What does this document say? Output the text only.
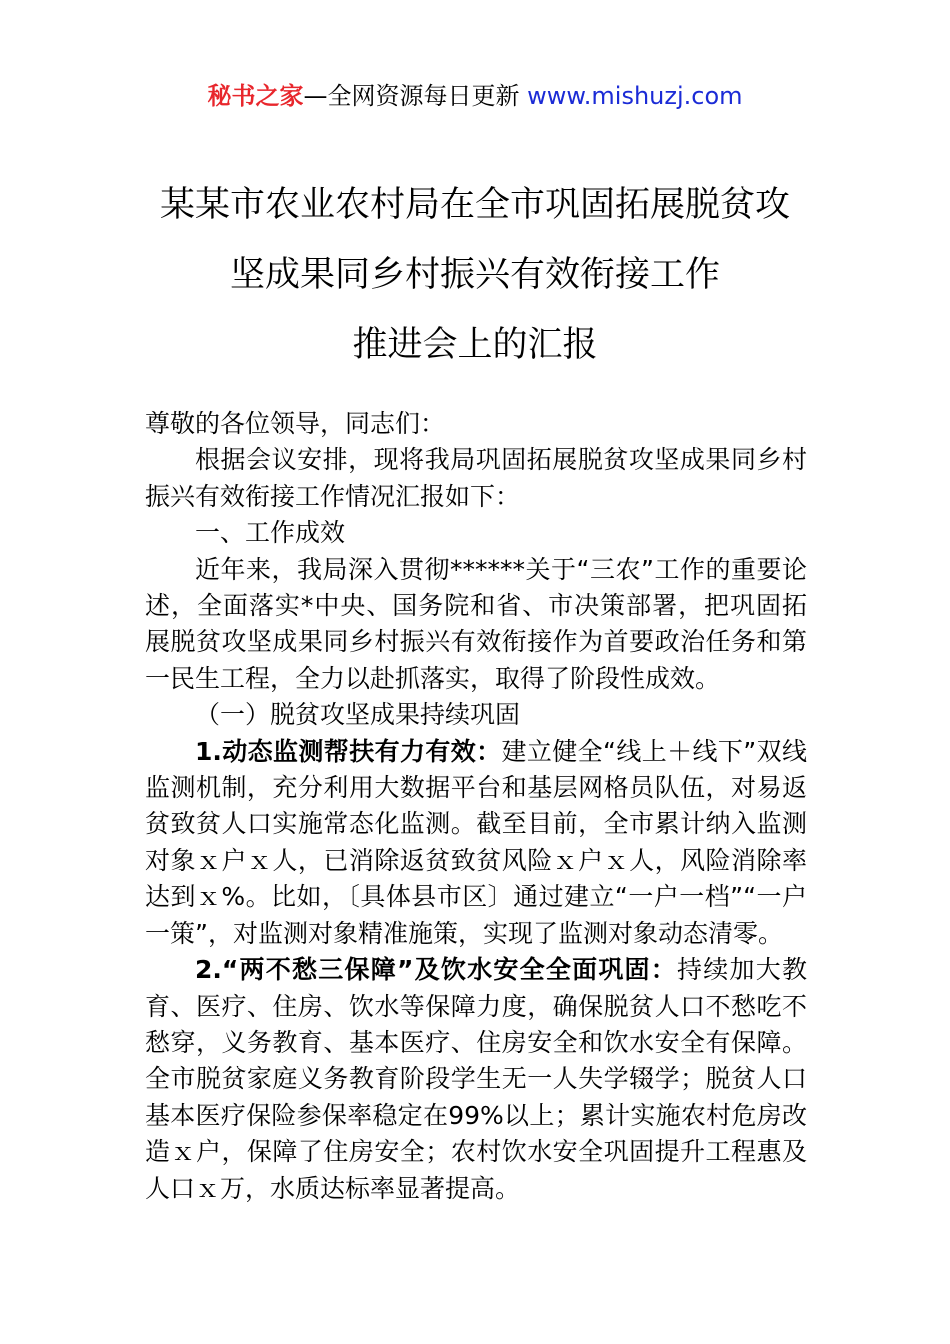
秘书之家—全网资源每日更新 www.mishuzj.com
某某市农业农村局在全市巩固拓展脱贫攻
坚成果同乡村振兴有效衔接工作
推进会上的汇报

尊敬的各位领导，同志们：

根据会议安排，现将我局巩固拓展脱贫攻坚成果同乡村振兴有效衔接工作情况汇报如下：

一、工作成效

近年来，我局深入贯彻******关于“三农”工作的重要论述，全面落实*中央、国务院和省、市决策部署，把巩固拓展脱贫攻坚成果同乡村振兴有效衔接作为首要政治任务和第一民生工程，全力以赴抓落实，取得了阶段性成效。

（一）脱贫攻坚成果持续巩固

1.动态监测帮扶有力有效：建立健全“线上＋线下”双线监测机制，充分利用大数据平台和基层网格员队伍，对易返贫致贫人口实施常态化监测。截至目前，全市累计纳入监测对象ｘ户ｘ人，已消除返贫致贫风险ｘ户ｘ人，风险消除率达到ｘ%。比如，〔具体县市区〕通过建立“一户一档”“一户一策”，对监测对象精准施策，实现了监测对象动态清零。

2.“两不愁三保障”及饮水安全全面巩固：持续加大教育、医疗、住房、饮水等保障力度，确保脱贫人口不愁吃不愁穿，义务教育、基本医疗、住房安全和饮水安全有保障。全市脱贫家庭义务教育阶段学生无一人失学辍学；脱贫人口基本医疗保险参保率稳定在99%以上；累计实施农村危房改造ｘ户，保障了住房安全；农村饮水安全巩固提升工程惠及人口ｘ万，水质达标率显著提高。
